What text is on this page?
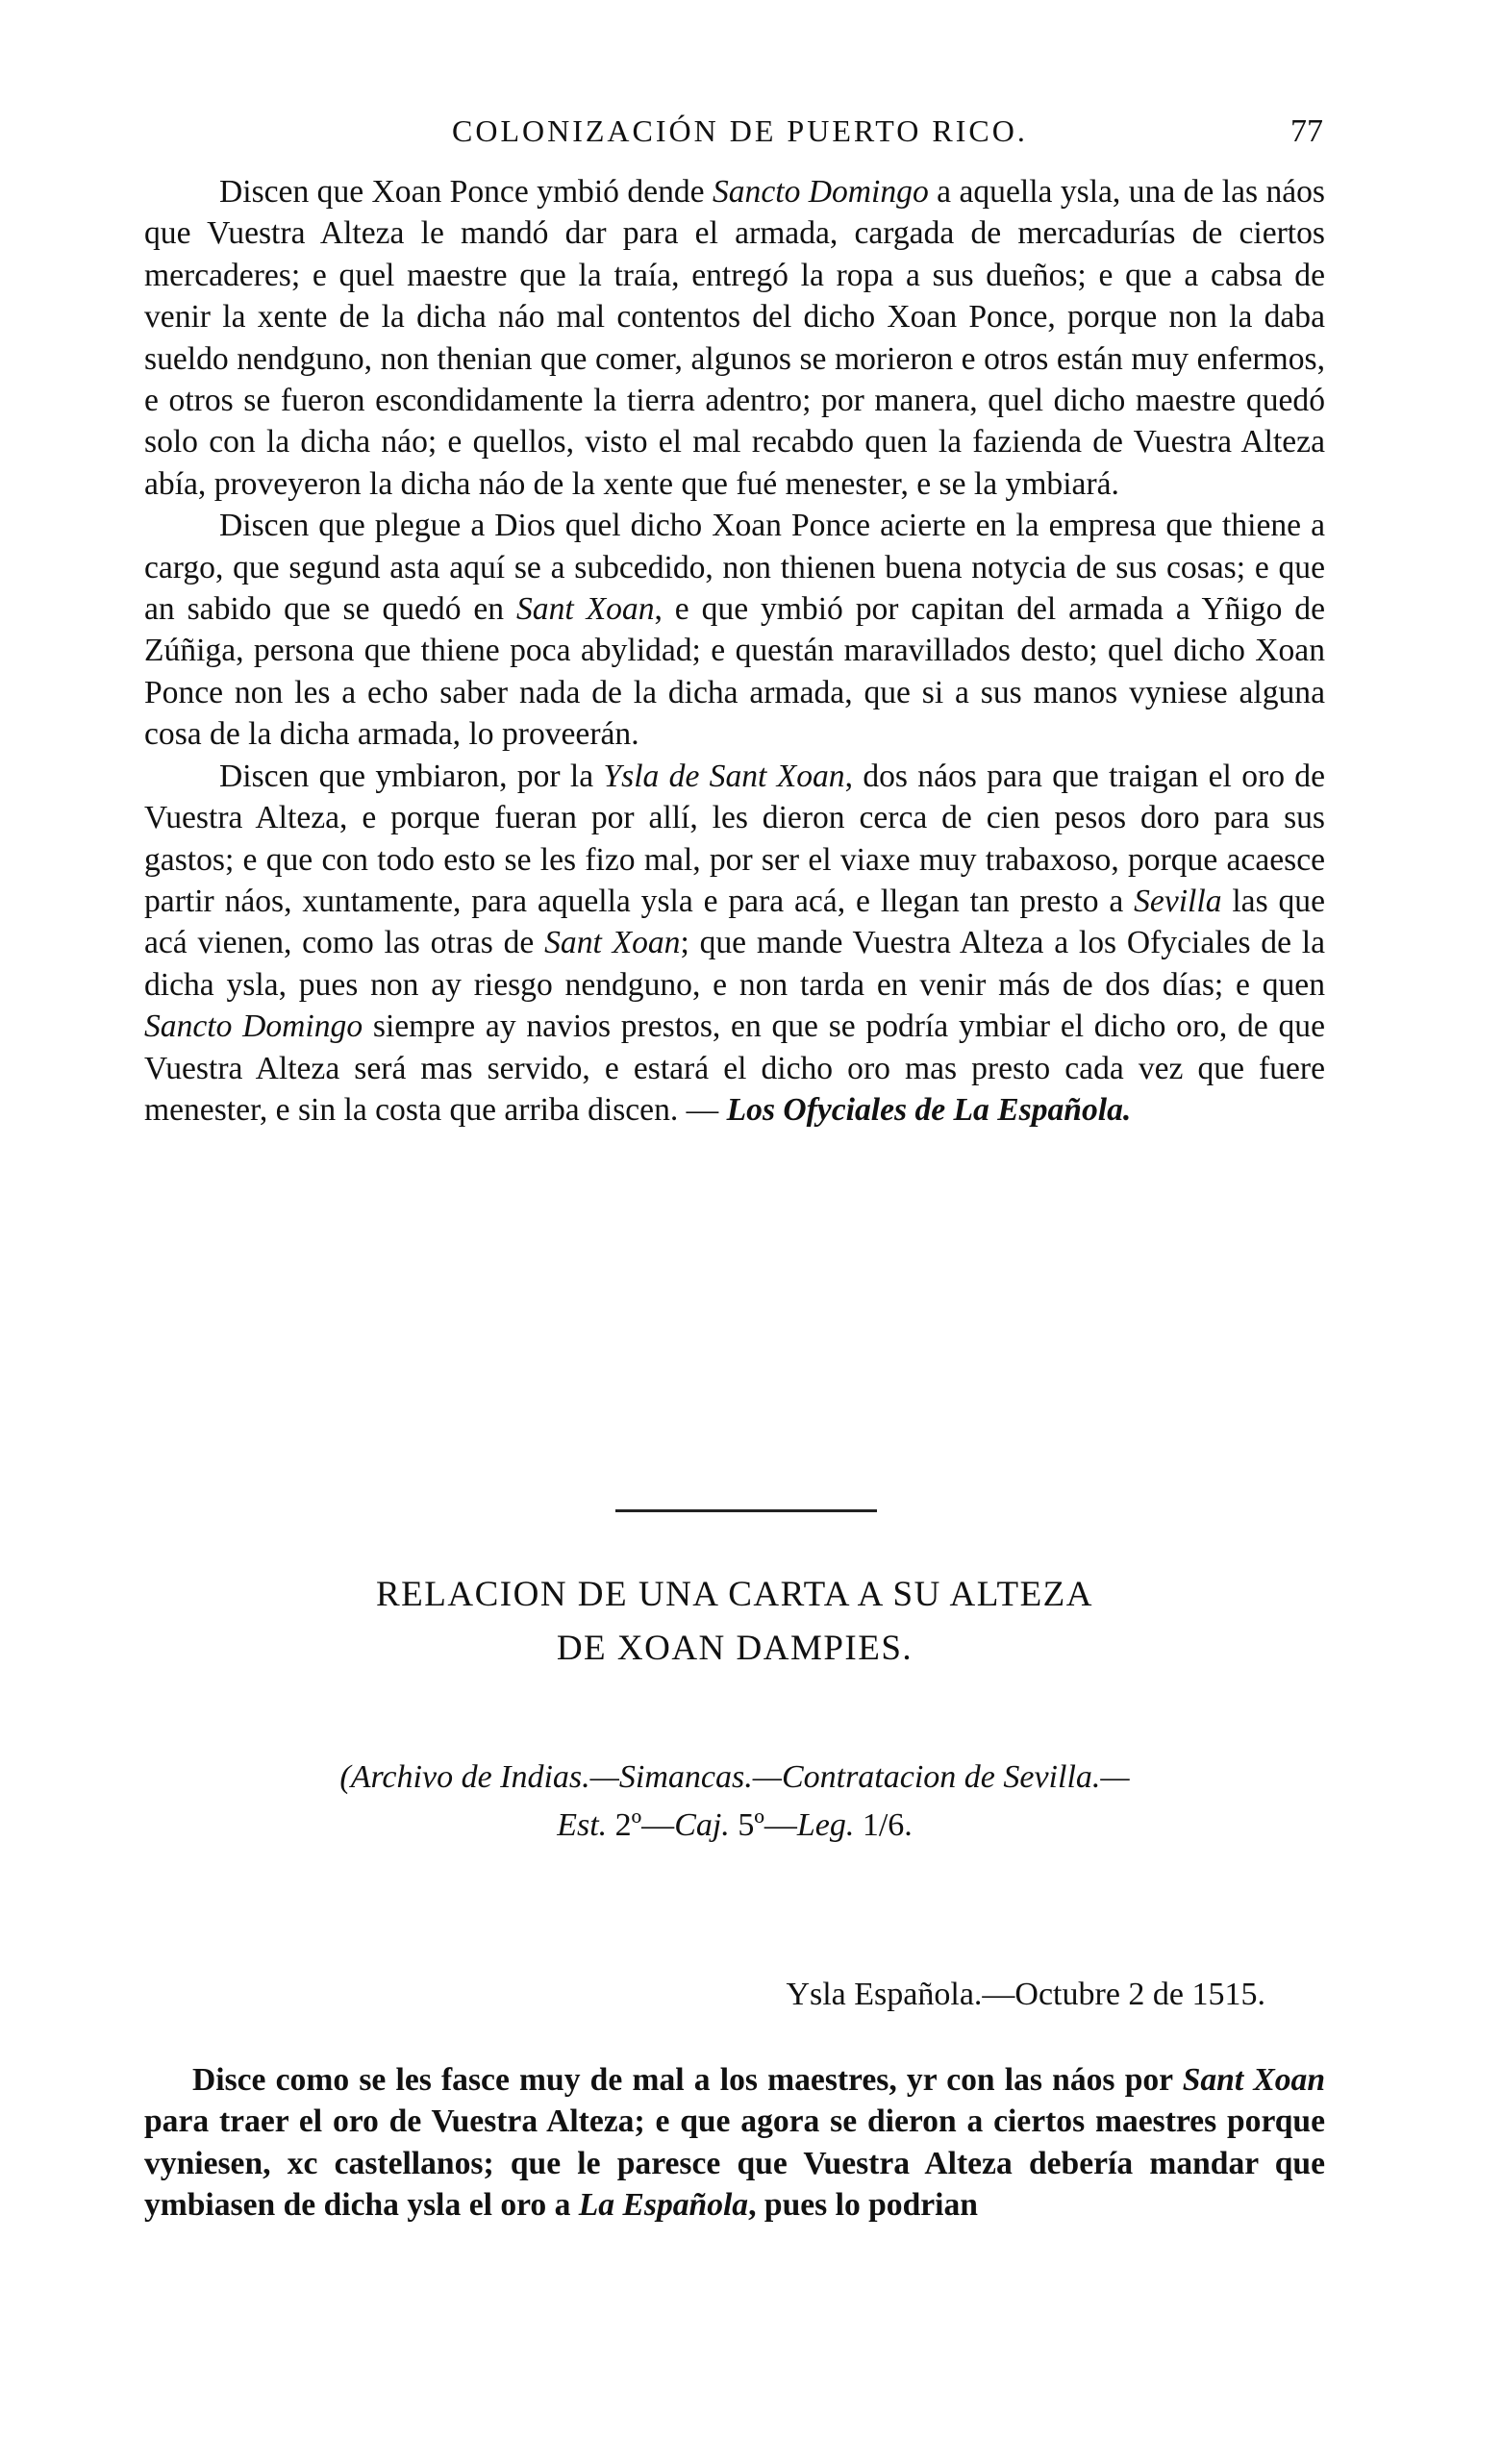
COLONIZACIÓN DE PUERTO RICO.	77

Discen que Xoan Ponce ymbió dende Sancto Domingo a aquella ysla, una de las náos que Vuestra Alteza le mandó dar para el armada, cargada de mercadurías de ciertos mercaderes; e quel maestre que la traía, entregó la ropa a sus dueños; e que a cabsa de venir la xente de la dicha náo mal contentos del dicho Xoan Ponce, porque non la daba sueldo nendguno, non thenian que comer, algunos se morieron e otros están muy enfermos, e otros se fueron escondidamente la tierra adentro; por manera, quel dicho maestre quedó solo con la dicha náo; e quellos, visto el mal recabdo quen la fazienda de Vuestra Alteza abía, proveyeron la dicha náo de la xente que fué menester, e se la ymbiará.

Discen que plegue a Dios quel dicho Xoan Ponce acierte en la empresa que thiene a cargo, que segund asta aquí se a subcedido, non thienen buena notycia de sus cosas; e que an sabido que se quedó en Sant Xoan, e que ymbió por capitan del armada a Yñigo de Zúñiga, persona que thiene poca abylidad; e questán maravillados desto; quel dicho Xoan Ponce non les a echo saber nada de la dicha armada, que si a sus manos vyniese alguna cosa de la dicha armada, lo proveerán.

Discen que ymbiaron, por la Ysla de Sant Xoan, dos náos para que traigan el oro de Vuestra Alteza, e porque fueran por allí, les dieron cerca de cien pesos doro para sus gastos; e que con todo esto se les fizo mal, por ser el viaxe muy trabaxoso, porque acaesce partir náos, xuntamente, para aquella ysla e para acá, e llegan tan presto a Sevilla las que acá vienen, como las otras de Sant Xoan; que mande Vuestra Alteza a los Ofyciales de la dicha ysla, pues non ay riesgo nendguno, e non tarda en venir más de dos días; e quen Sancto Domingo siempre ay navios prestos, en que se podría ymbiar el dicho oro, de que Vuestra Alteza será mas servido, e estará el dicho oro mas presto cada vez que fuere menester, e sin la costa que arriba discen. — Los Ofyciales de La Española.

RELACION DE UNA CARTA A SU ALTEZA
DE XOAN DAMPIES.
(Archivo de Indias.—Simancas.—Contratacion de Sevilla.—
Est. 2º—Caj. 5º—Leg. 1/6.
Ysla Española.—Octubre 2 de 1515.

Disce como se les fasce muy de mal a los maestres, yr con las náos por Sant Xoan para traer el oro de Vuestra Alteza; e que agora se dieron a ciertos maestres porque vyniesen, xc castellanos; que le paresce que Vuestra Alteza debería mandar que ymbiasen de dicha ysla el oro a La Española, pues lo podrian
